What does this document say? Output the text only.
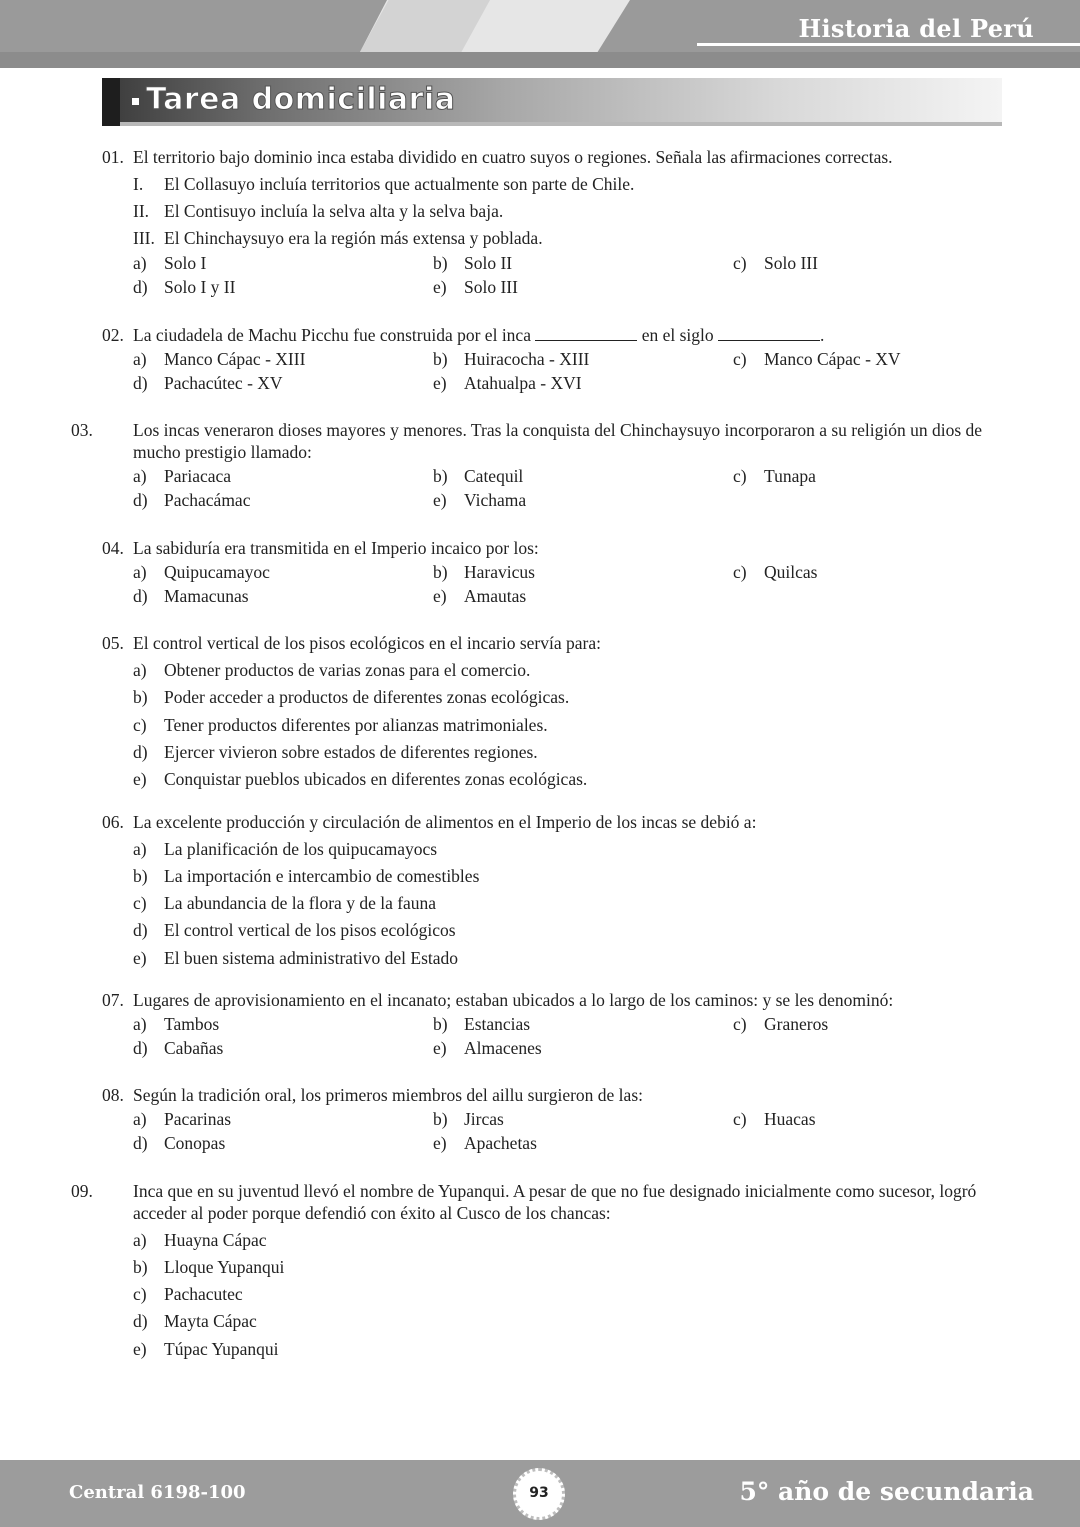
Historia del Perú
Tarea domiciliaria
01. El territorio bajo dominio inca estaba dividido en cuatro suyos o regiones. Señala las afirmaciones correctas.
I. El Collasuyo incluía territorios que actualmente son parte de Chile.
II. El Contisuyo incluía la selva alta y la selva baja.
III. El Chinchaysuyo era la región más extensa y poblada.
a) Solo I	b) Solo II	c) Solo III
d) Solo I y II	e) Solo III
02. La ciudadela de Machu Picchu fue construida por el inca	en el siglo	.
a) Manco Cápac - XIII	b) Huiracocha - XIII	c) Manco Cápac - XV
d) Pachacútec - XV	e) Atahualpa - XVI
03. Los incas veneraron dioses mayores y menores. Tras la conquista del Chinchaysuyo incorporaron a su religión un dios de mucho prestigio llamado:
a) Pariacaca	b) Catequil	c) Tunapa
d) Pachacámac	e) Vichama
04. La sabiduría era transmitida en el Imperio incaico por los:
a) Quipucamayoc	b) Haravicus	c) Quilcas
d) Mamacunas	e) Amautas
05. El control vertical de los pisos ecológicos en el incario servía para:
a) Obtener productos de varias zonas para el comercio.
b) Poder acceder a productos de diferentes zonas ecológicas.
c) Tener productos diferentes por alianzas matrimoniales.
d) Ejercer vivieron sobre estados de diferentes regiones.
e) Conquistar pueblos ubicados en diferentes zonas ecológicas.
06. La excelente producción y circulación de alimentos en el Imperio de los incas se debió a:
a) La planificación de los quipucamayocs
b) La importación e intercambio de comestibles
c) La abundancia de la flora y de la fauna
d) El control vertical de los pisos ecológicos
e) El buen sistema administrativo del Estado
07. Lugares de aprovisionamiento en el incanato; estaban ubicados a lo largo de los caminos: y se les denominó:
a) Tambos	b) Estancias	c) Graneros
d) Cabañas	e) Almacenes
08. Según la tradición oral, los primeros miembros del aillu surgieron de las:
a) Pacarinas	b) Jircas	c) Huacas
d) Conopas	e) Apachetas
09. Inca que en su juventud llevó el nombre de Yupanqui. A pesar de que no fue designado inicialmente como sucesor, logró acceder al poder porque defendió con éxito al Cusco de los chancas:
a) Huayna Cápac
b) Lloque Yupanqui
c) Pachacutec
d) Mayta Cápac
e) Túpac Yupanqui
Central 6198-100	93	5° año de secundaria
